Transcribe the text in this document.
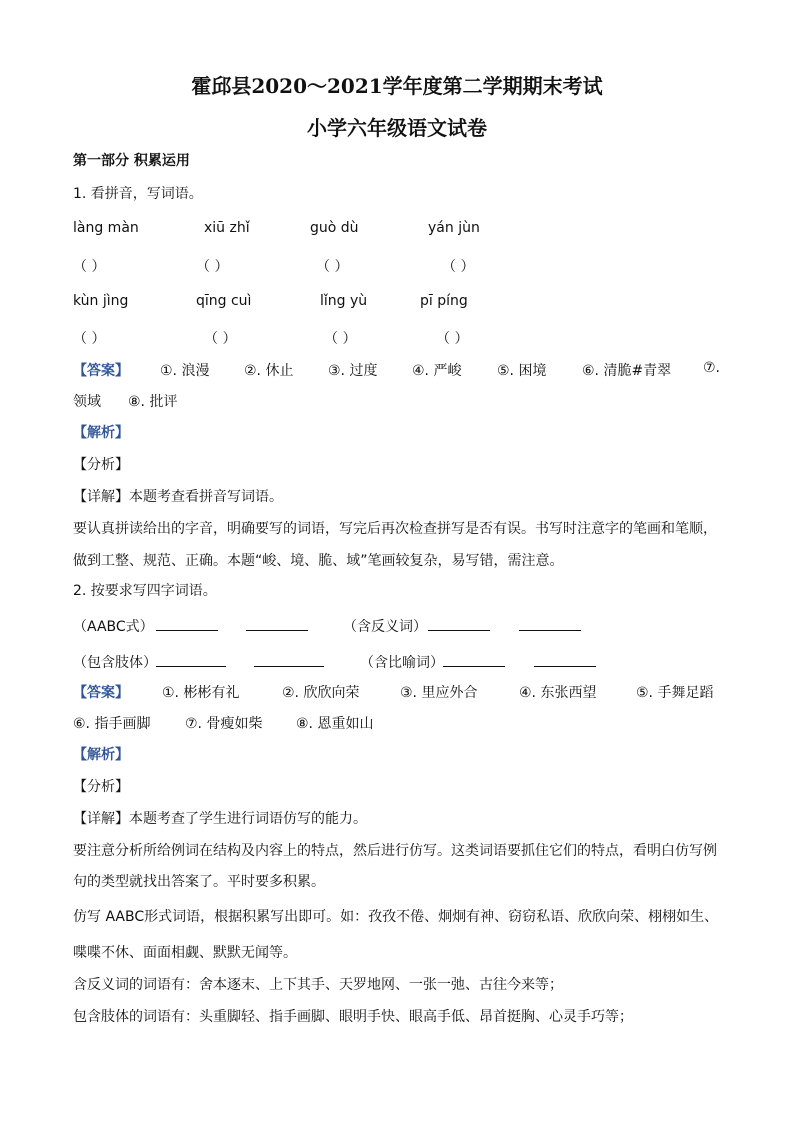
霍邱县2020～2021学年度第二学期期末考试
小学六年级语文试卷
第一部分 积累运用
1. 看拼音，写词语。
làng màn	xiū zhǐ	guò dù	yán jùn
（ ）	（ ）	（ ）	（ ）
kùn jìng	qīng cuì	lǐng yù	pī píng
（ ）	（ ）	（ ）	（ ）
【答案】 ①. 浪漫 ②. 休止 ③. 过度 ④. 严峻	⑤. 困境	⑥. 清脆#青翠 ⑦.
领域 ⑧. 批评
【解析】
【分析】
【详解】本题考查看拼音写词语。
要认真拼读给出的字音，明确要写的词语，写完后再次检查拼写是否有误。书写时注意字的笔画和笔顺，
做到工整、规范、正确。本题“峻、境、脆、域”笔画较复杂，易写错，需注意。
2. 按要求写四字词语。
（AABC式）	（含反义词）
（包含肢体）	（含比喻词）
【答案】 ①. 彬彬有礼	②. 欣欣向荣	③. 里应外合	④. 东张西望	⑤. 手舞足蹈
⑥. 指手画脚 ⑦. 骨瘦如柴 ⑧. 恩重如山
【解析】
【分析】
【详解】本题考查了学生进行词语仿写的能力。
要注意分析所给例词在结构及内容上的特点，然后进行仿写。这类词语要抓住它们的特点，看明白仿写例
句的类型就找出答案了。平时要多积累。
仿写 AABC形式词语，根据积累写出即可。如：孜孜不倦、炯炯有神、窃窃私语、欣欣向荣、栩栩如生、
喋喋不休、面面相觑、默默无闻等。
含反义词的词语有：舍本逐末、上下其手、天罗地网、一张一弛、古往今来等；
包含肢体的词语有：头重脚轻、指手画脚、眼明手快、眼高手低、昂首挺胸、心灵手巧等；
